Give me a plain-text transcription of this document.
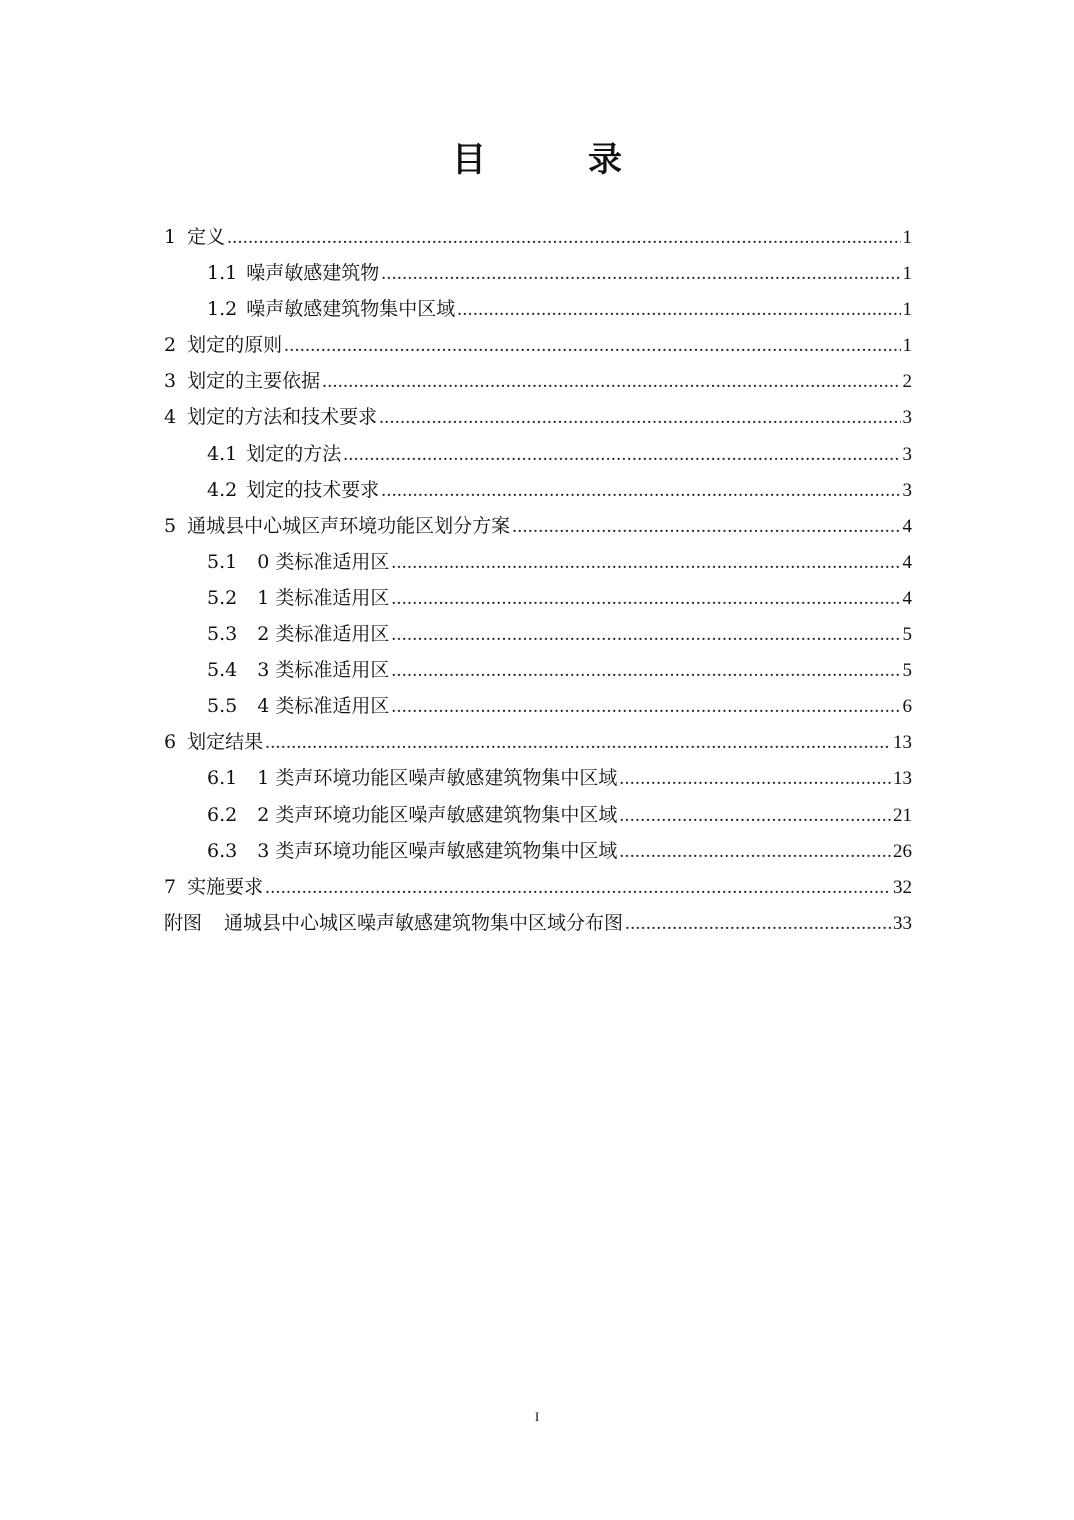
目　录
1 定义 .....	1
1.1 噪声敏感建筑物 .....	1
1.2 噪声敏感建筑物集中区域 .....	1
2 划定的原则 .....	1
3 划定的主要依据 .....	2
4 划定的方法和技术要求 .....	3
4.1 划定的方法 .....	3
4.2 划定的技术要求 .....	3
5 通城县中心城区声环境功能区划分方案 .....	4
5.1 0 类标准适用区 .....	4
5.2 1 类标准适用区 .....	4
5.3 2 类标准适用区 .....	5
5.4 3 类标准适用区 .....	5
5.5 4 类标准适用区 .....	6
6 划定结果 .....	13
6.1 1 类声环境功能区噪声敏感建筑物集中区域 .....	13
6.2 2 类声环境功能区噪声敏感建筑物集中区域 .....	21
6.3 3 类声环境功能区噪声敏感建筑物集中区域 .....	26
7 实施要求 .....	32
附图 通城县中心城区噪声敏感建筑物集中区域分布图 .....	33
I
